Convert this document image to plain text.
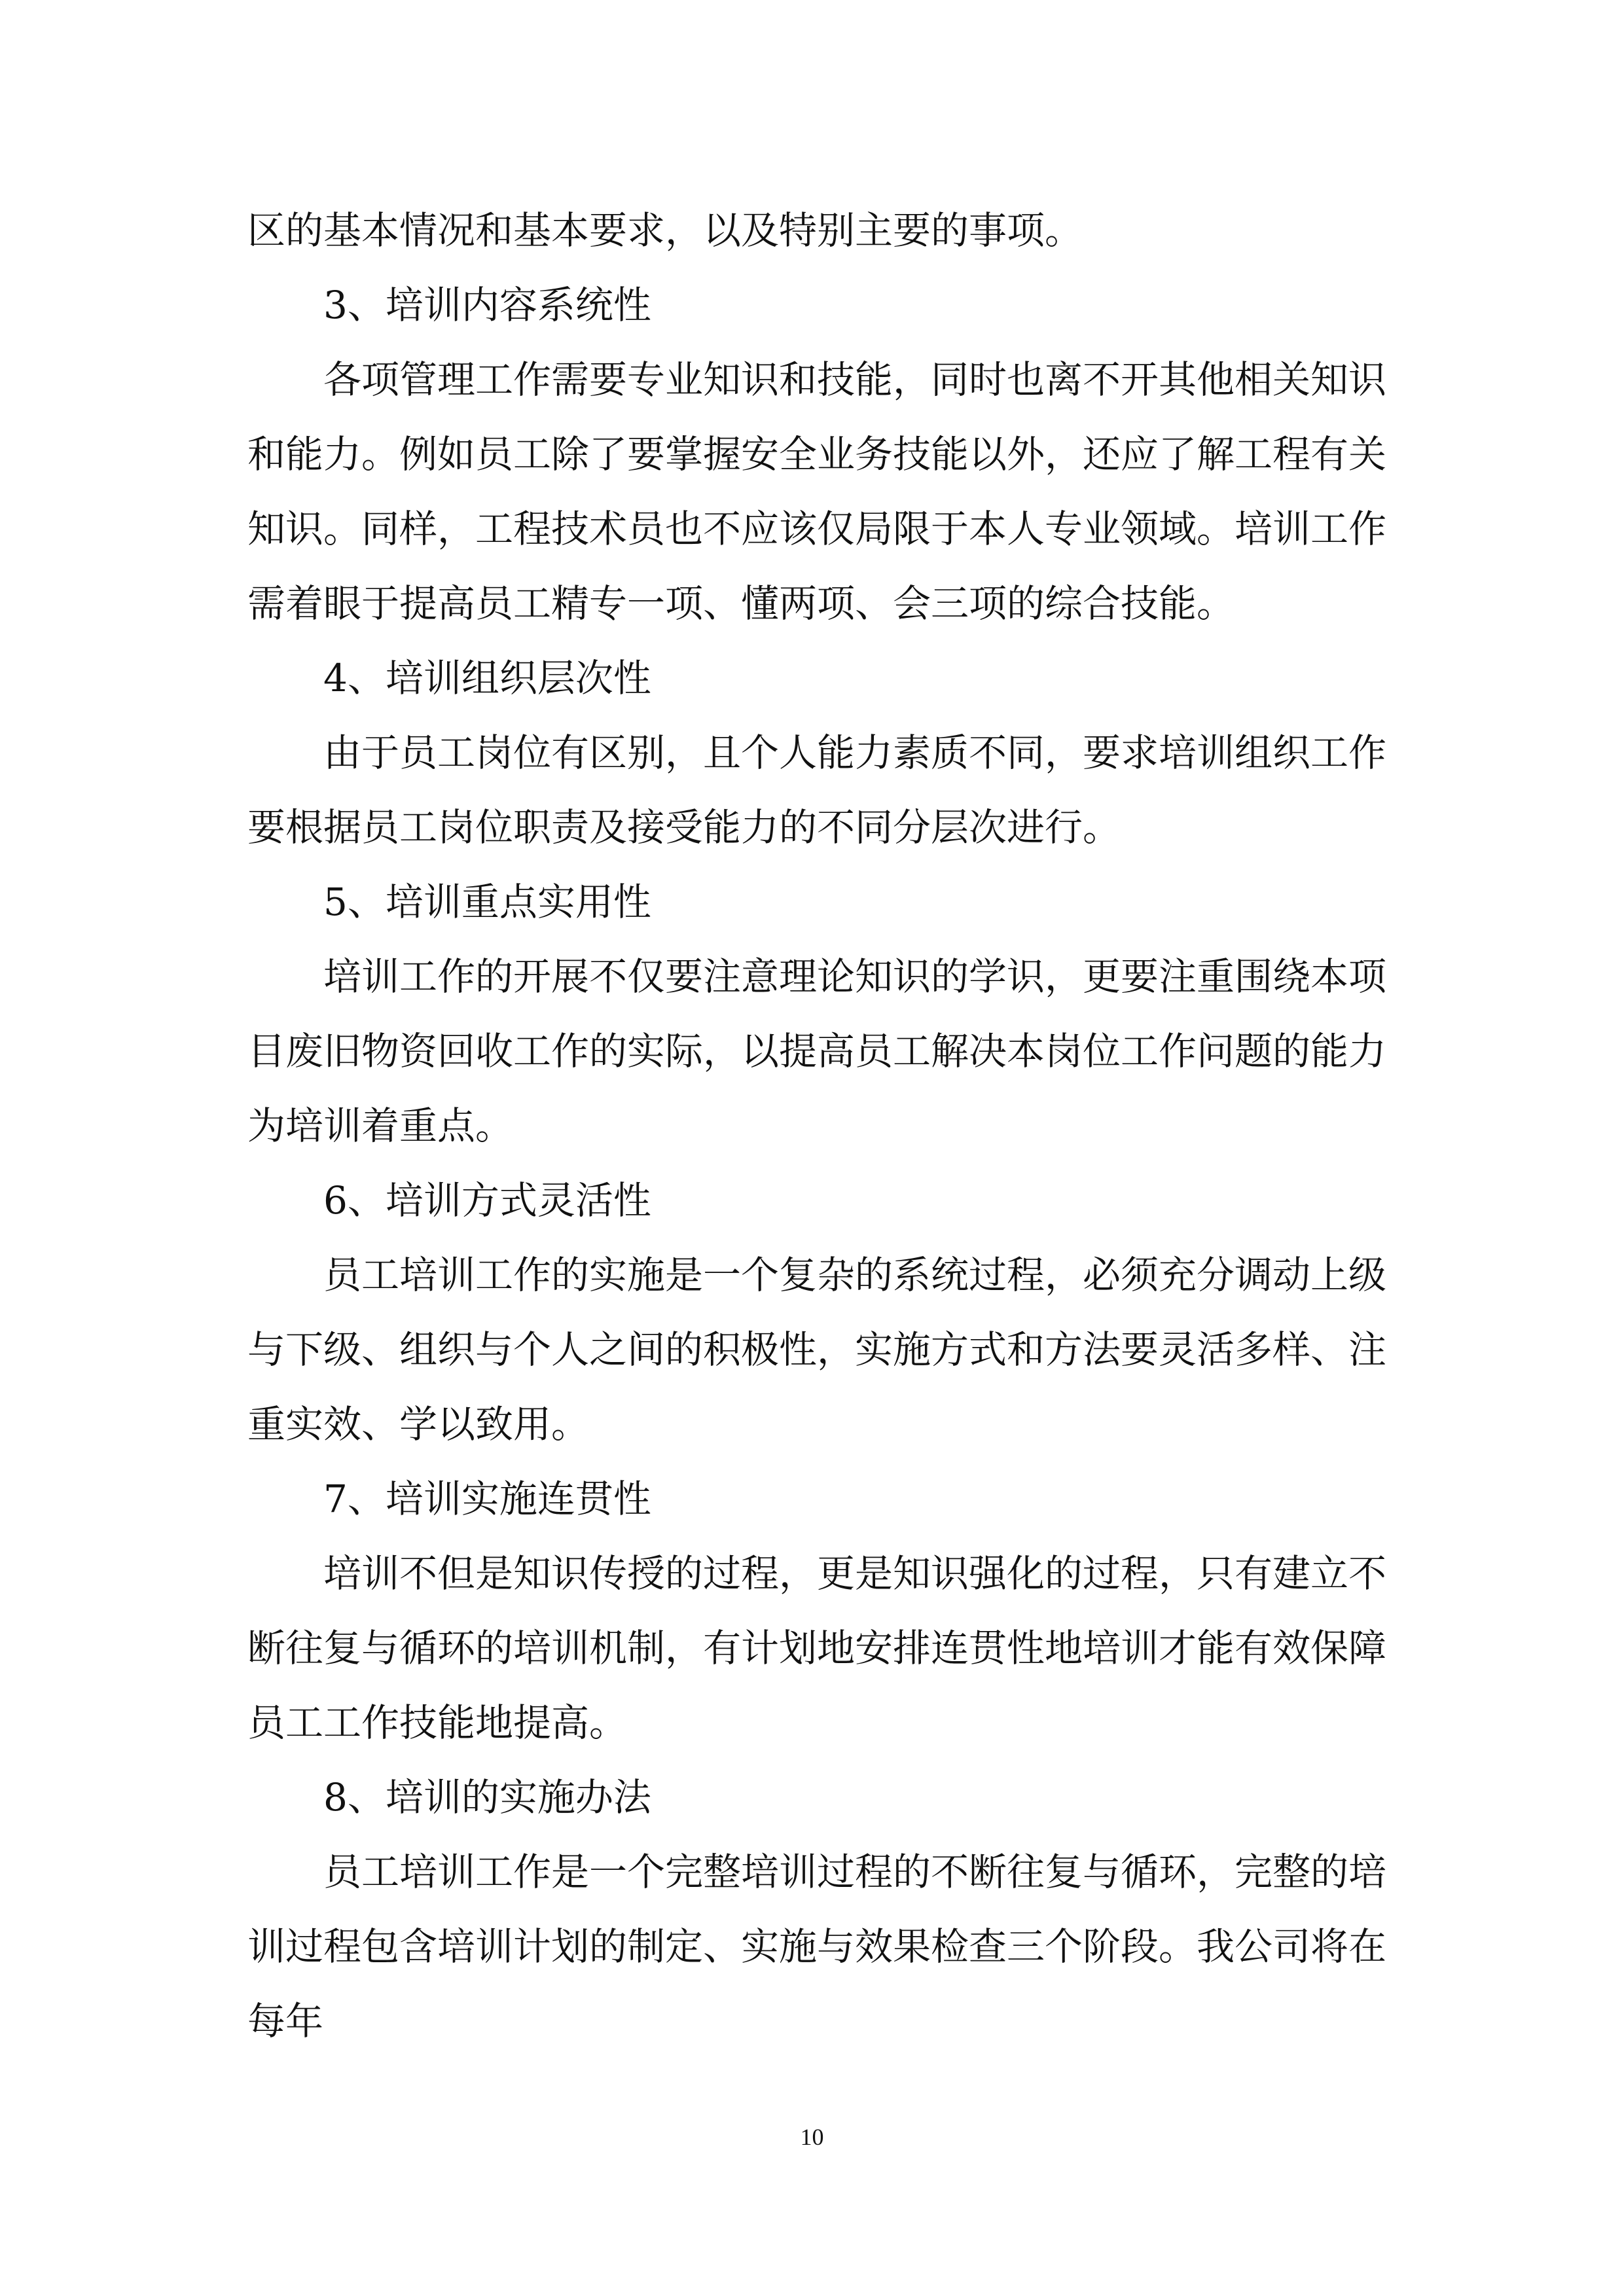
区的基本情况和基本要求，以及特别主要的事项。
3、培训内容系统性
各项管理工作需要专业知识和技能，同时也离不开其他相关知识
和能力。例如员工除了要掌握安全业务技能以外，还应了解工程有关
知识。同样，工程技术员也不应该仅局限于本人专业领域。培训工作
需着眼于提高员工精专一项、懂两项、会三项的综合技能。
4、培训组织层次性
由于员工岗位有区别，且个人能力素质不同，要求培训组织工作
要根据员工岗位职责及接受能力的不同分层次进行。
5、培训重点实用性
培训工作的开展不仅要注意理论知识的学识，更要注重围绕本项
目废旧物资回收工作的实际，以提高员工解决本岗位工作问题的能力
为培训着重点。
6、培训方式灵活性
员工培训工作的实施是一个复杂的系统过程，必须充分调动上级
与下级、组织与个人之间的积极性，实施方式和方法要灵活多样、注
重实效、学以致用。
7、培训实施连贯性
培训不但是知识传授的过程，更是知识强化的过程，只有建立不
断往复与循环的培训机制，有计划地安排连贯性地培训才能有效保障
员工工作技能地提高。
8、培训的实施办法
员工培训工作是一个完整培训过程的不断往复与循环，完整的培
训过程包含培训计划的制定、实施与效果检查三个阶段。我公司将在
每年
10
